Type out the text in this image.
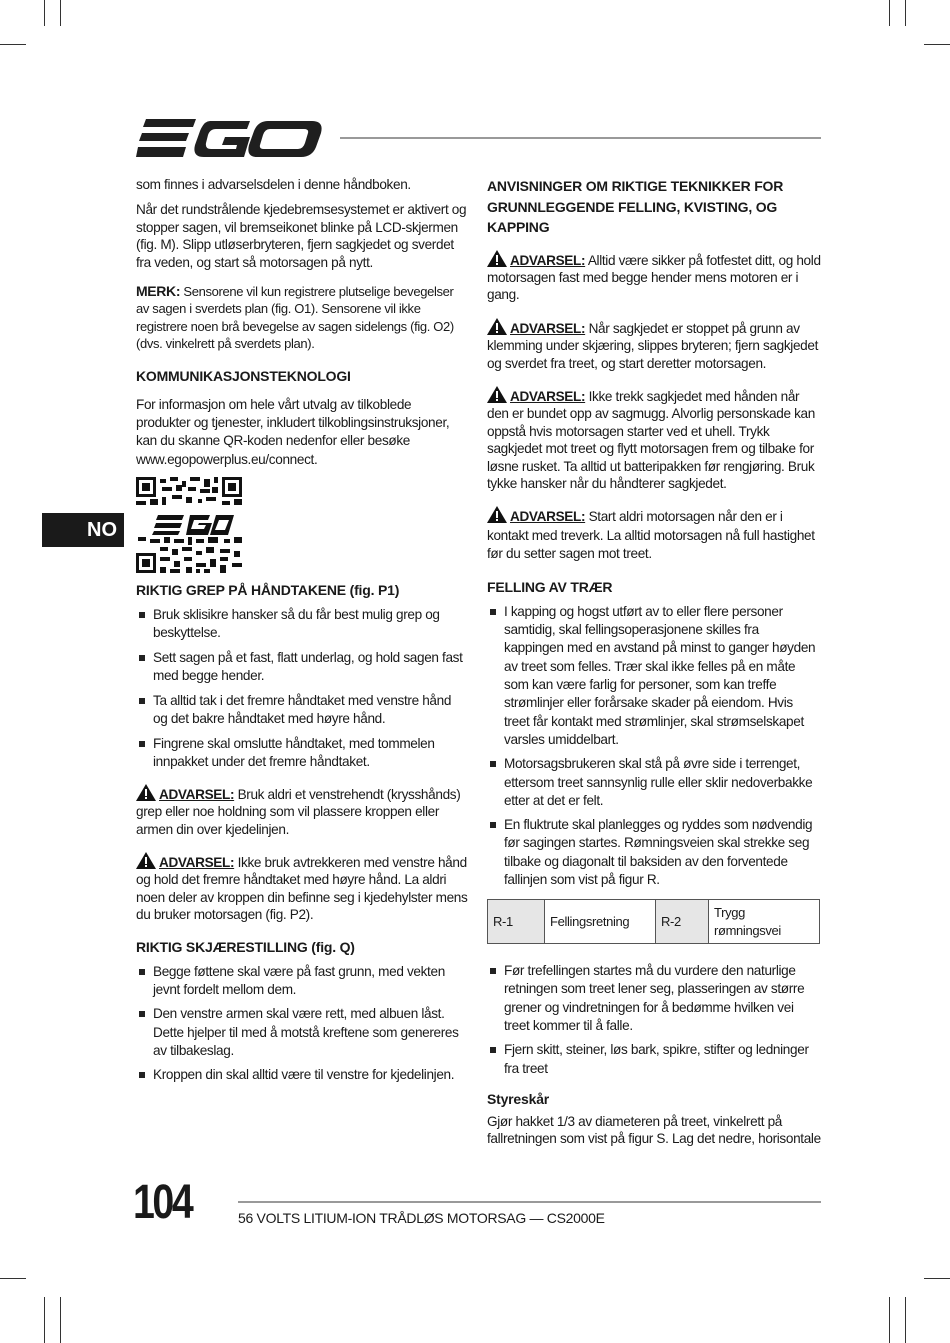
NO

som finnes i advarselsdelen i denne håndboken.

Når det rundstrålende kjedebremsesystemet er aktivert og stopper sagen, vil bremseikonet blinke på LCD-skjermen (fig. M). Slipp utløserbryteren, fjern sagkjedet og sverdet fra veden, og start så motorsagen på nytt.

MERK: Sensorene vil kun registrere plutselige bevegelser av sagen i sverdets plan (fig. O1). Sensorene vil ikke registrere noen brå bevegelse av sagen sidelengs (fig. O2) (dvs. vinkelrett på sverdets plan).

KOMMUNIKASJONSTEKNOLOGI

For informasjon om hele vårt utvalg av tilkoblede produkter og tjenester, inkludert tilkoblingsinstruksjoner, kan du skanne QR-koden nedenfor eller besøke www.egopowerplus.eu/connect.

RIKTIG GREP PÅ HÅNDTAKENE (fig. P1)
Bruk sklisikre hansker så du får best mulig grep og beskyttelse.
Sett sagen på et fast, flatt underlag, og hold sagen fast med begge hender.
Ta alltid tak i det fremre håndtaket med venstre hånd og det bakre håndtaket med høyre hånd.
Fingrene skal omslutte håndtaket, med tommelen innpakket under det fremre håndtaket.

ADVARSEL: Bruk aldri et venstrehendt (krysshånds) grep eller noe holdning som vil plassere kroppen eller armen din over kjedelinjen.

ADVARSEL: Ikke bruk avtrekkeren med venstre hånd og hold det fremre håndtaket med høyre hånd. La aldri noen deler av kroppen din befinne seg i kjedehylster mens du bruker motorsagen (fig. P2).

RIKTIG SKJÆRESTILLING (fig. Q)
Begge føttene skal være på fast grunn, med vekten jevnt fordelt mellom dem.
Den venstre armen skal være rett, med albuen låst. Dette hjelper til med å motstå kreftene som genereres av tilbakeslag.
Kroppen din skal alltid være til venstre for kjedelinjen.
ANVISNINGER OM RIKTIGE TEKNIKKER FOR GRUNNLEGGENDE FELLING, KVISTING, OG KAPPING

ADVARSEL: Alltid være sikker på fotfestet ditt, og hold motorsagen fast med begge hender mens motoren er i gang.

ADVARSEL: Når sagkjedet er stoppet på grunn av klemming under skjæring, slippes bryteren; fjern sagkjedet og sverdet fra treet, og start deretter motorsagen.

ADVARSEL: Ikke trekk sagkjedet med hånden når den er bundet opp av sagmugg. Alvorlig personskade kan oppstå hvis motorsagen starter ved et uhell. Trykk sagkjedet mot treet og flytt motorsagen frem og tilbake for løsne rusket. Ta alltid ut batteripakken før rengjøring. Bruk tykke hansker når du håndterer sagkjedet.

ADVARSEL: Start aldri motorsagen når den er i kontakt med treverk. La alltid motorsagen nå full hastighet før du setter sagen mot treet.

FELLING AV TRÆR
I kapping og hogst utført av to eller flere personer samtidig, skal fellingsoperasjonene skilles fra kappingen med en avstand på minst to ganger høyden av treet som felles. Trær skal ikke felles på en måte som kan være farlig for personer, som kan treffe strømlinjer eller forårsake skader på eiendom. Hvis treet får kontakt med strømlinjer, skal strømselskapet varsles umiddelbart.
Motorsagsbrukeren skal stå på øvre side i terrenget, ettersom treet sannsynlig rulle eller sklir nedoverbakke etter at det er felt.
En fluktrute skal planlegges og ryddes som nødvendig før sagingen startes. Rømningsveien skal strekke seg tilbake og diagonalt til baksiden av den forventede fallinjen som vist på figur R.
R-1	Fellingsretning	R-2	Trygg rømningsvei
Før trefellingen startes må du vurdere den naturlige retningen som treet lener seg, plasseringen av større grener og vindretningen for å bedømme hvilken vei treet kommer til å falle.
Fjern skitt, steiner, løs bark, spikre, stifter og ledninger fra treet
Styreskår

Gjør hakket 1/3 av diameteren på treet, vinkelrett på fallretningen som vist på figur S. Lag det nedre, horisontale

104	56 VOLTS LITIUM-ION TRÅDLØS MOTORSAG — CS2000E
